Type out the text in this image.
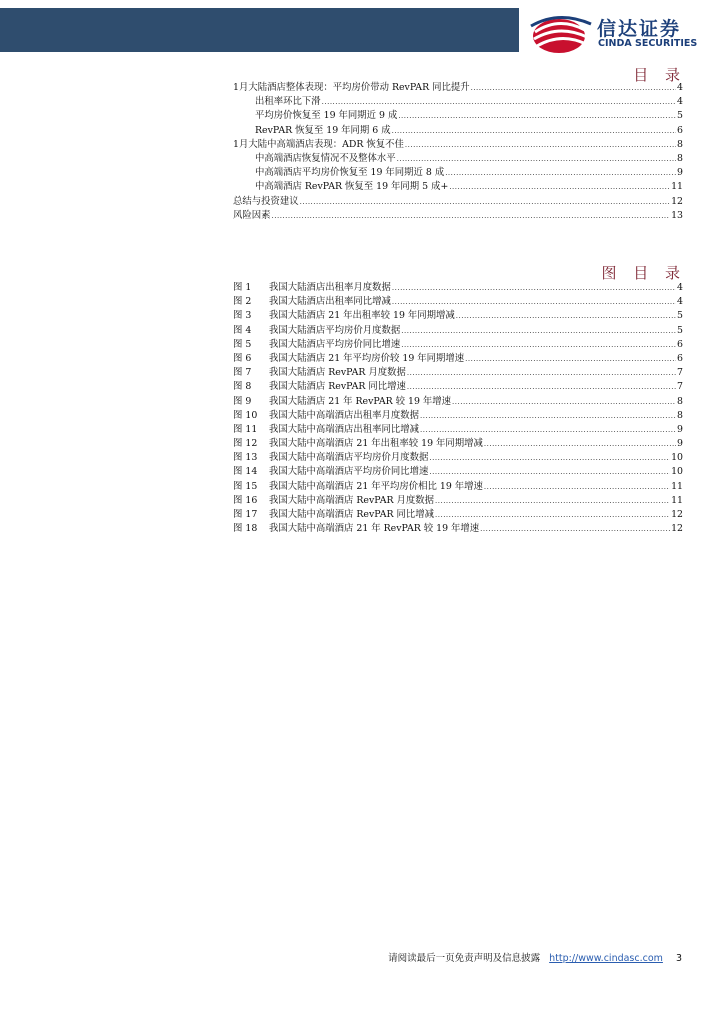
信达证券
CINDA SECURITIES
目 录
1月大陆酒店整体表现：平均房价带动 RevPAR 同比提升 .....	4
出租率环比下滑 .....	4
平均房价恢复至 19 年同期近 9 成 .....	5
RevPAR 恢复至 19 年同期 6 成 .....	6
1月大陆中高端酒店表现：ADR 恢复不佳 .....	8
中高端酒店恢复情况不及整体水平 .....	8
中高端酒店平均房价恢复至 19 年同期近 8 成 .....	9
中高端酒店 RevPAR 恢复至 19 年同期 5 成+ .....	11
总结与投资建议 .....	12
风险因素 .....	13
图 目 录
图 1 我国大陆酒店出租率月度数据 .....	4
图 2 我国大陆酒店出租率同比增减 .....	4
图 3 我国大陆酒店 21 年出租率较 19 年同期增减 .....	5
图 4 我国大陆酒店平均房价月度数据 .....	5
图 5 我国大陆酒店平均房价同比增速 .....	6
图 6 我国大陆酒店 21 年平均房价较 19 年同期增速 .....	6
图 7 我国大陆酒店 RevPAR 月度数据 .....	7
图 8 我国大陆酒店 RevPAR 同比增速 .....	7
图 9 我国大陆酒店 21 年 RevPAR 较 19 年增速 .....	8
图 10 我国大陆中高端酒店出租率月度数据 .....	8
图 11 我国大陆中高端酒店出租率同比增减 .....	9
图 12 我国大陆中高端酒店 21 年出租率较 19 年同期增减 .....	9
图 13 我国大陆中高端酒店平均房价月度数据 .....	10
图 14 我国大陆中高端酒店平均房价同比增速 .....	10
图 15 我国大陆中高端酒店 21 年平均房价相比 19 年增速 .....	11
图 16 我国大陆中高端酒店 RevPAR 月度数据 .....	11
图 17 我国大陆中高端酒店 RevPAR 同比增减 .....	12
图 18 我国大陆中高端酒店 21 年 RevPAR 较 19 年增速 .....	12
请阅读最后一页免责声明及信息披露 http://www.cindasc.com 3
